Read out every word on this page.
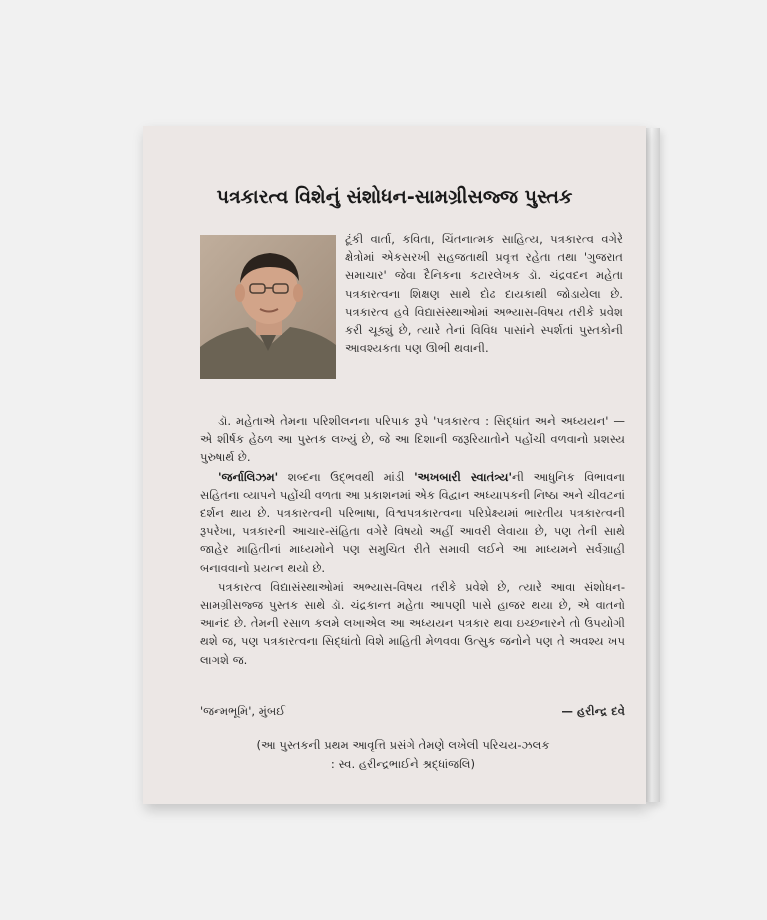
પત્રકારત્વ વિશેનું સંશોધન-સામગ્રીસજ્જ પુસ્તક

ટૂંકી વાર્તા, કવિતા, ચિંતનાત્મક સાહિત્ય, પત્રકારત્વ વગેરે ક્ષેત્રોમાં એકસરખી સહજતાથી પ્રવૃત્ત રહેતા તથા 'ગુજરાત સમાચાર' જેવા દૈનિકના કટારલેખક ડૉ. ચંદ્રવદન મહેતા પત્રકારત્વના શિક્ષણ સાથે દોઢ દાયકાથી જોડાયેલા છે. પત્રકારત્વ હવે વિદ્યાસંસ્થાઓમાં અભ્યાસ-વિષય તરીકે પ્રવેશ કરી ચૂક્યું છે, ત્યારે તેનાં વિવિધ પાસાંને સ્પર્શતાં પુસ્તકોની આવશ્યકતા પણ ઊભી થવાની.

ડૉ. મહેતાએ તેમના પરિશીલનના પરિપાક રૂપે 'પત્રકારત્વ : સિદ્ધાંત અને અધ્યયન' — એ શીર્ષક હેઠળ આ પુસ્તક લખ્યું છે, જે આ દિશાની જરૂરિયાતોને પહોંચી વળવાનો પ્રશસ્ય પુરુષાર્થ છે.

'જર્નાલિઝમ' શબ્દના ઉદ્ભવથી માંડી 'અખબારી સ્વાતંત્ર્ય'ની આધુનિક વિભાવના સહિતના વ્યાપને પહોંચી વળતા આ પ્રકાશનમાં એક વિદ્વાન અધ્યાપકની નિષ્ઠા અને ચીવટનાં દર્શન થાય છે. પત્રકારત્વની પરિભાષા, વિશ્વપત્રકારત્વના પરિપ્રેક્ષ્યમાં ભારતીય પત્રકારત્વની રૂપરેખા, પત્રકારની આચાર-સંહિતા વગેરે વિષયો અહીં આવરી લેવાયા છે, પણ તેની સાથે જાહેર માહિતીનાં માધ્યમોને પણ સમુચિત રીતે સમાવી લઈને આ માધ્યમને સર્વગ્રાહી બનાવવાનો પ્રયત્ન થયો છે.

પત્રકારત્વ વિદ્યાસંસ્થાઓમાં અભ્યાસ-વિષય તરીકે પ્રવેશે છે, ત્યારે આવા સંશોધન-સામગ્રીસજ્જ પુસ્તક સાથે ડૉ. ચંદ્રકાન્ત મહેતા આપણી પાસે હાજર થયા છે, એ વાતનો આનંદ છે. તેમની રસાળ કલમે લખાએલ આ અધ્યયન પત્રકાર થવા ઇચ્છનારને તો ઉપયોગી થશે જ, પણ પત્રકારત્વના સિદ્ધાંતો વિશે માહિતી મેળવવા ઉત્સુક જનોને પણ તે અવશ્ય ખપ લાગશે જ.

'જન્મભૂમિ', મુંબઈ	— હરીન્દ્ર દવે
(આ પુસ્તકની પ્રથમ આવૃત્તિ પ્રસંગે તેમણે લખેલી પરિચય-ઝલક
: સ્વ. હરીન્દ્રભાઈને શ્રદ્ધાંજલિ)
